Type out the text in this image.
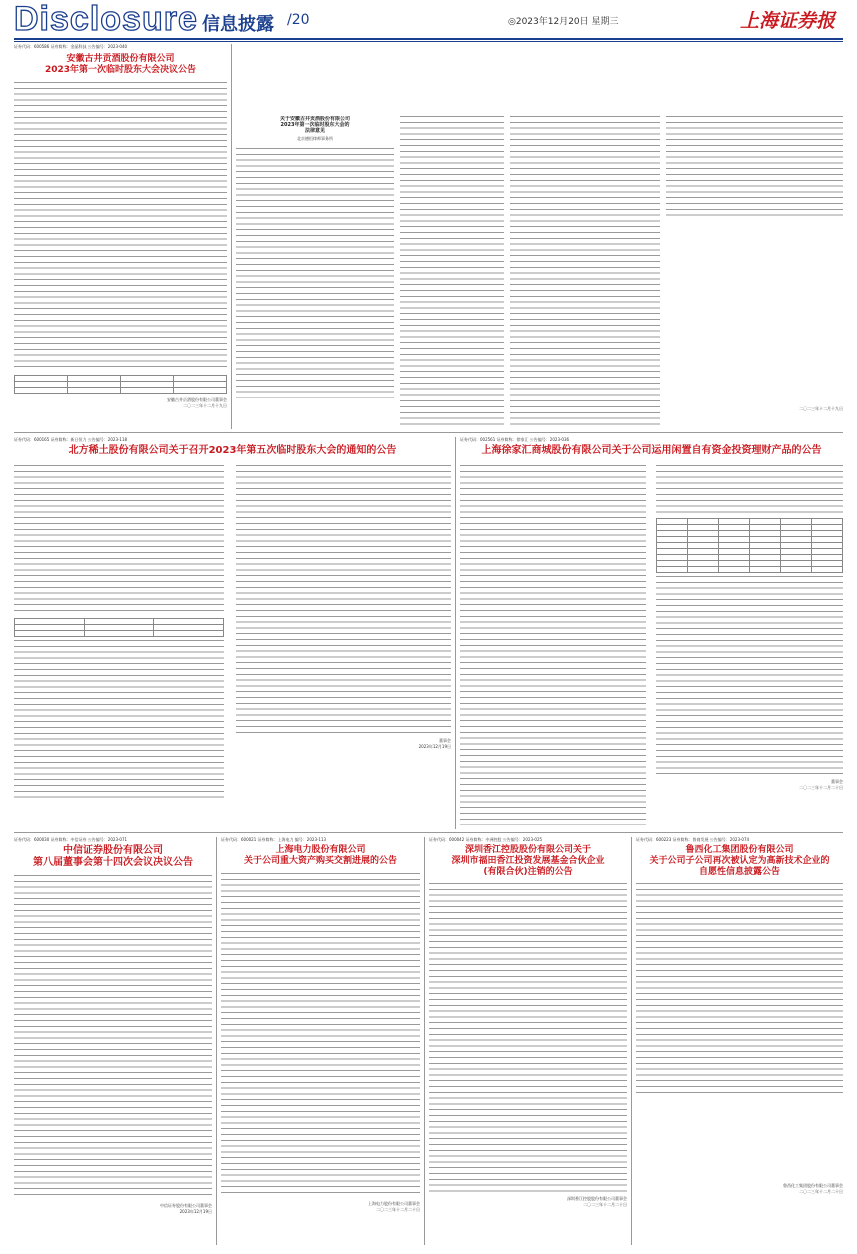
Disclosure 信息披露 /20	◎2023年12月20日 星期三	上海证券报
证券代码：600586 证券简称：金晶科技 公告编号：2023-040
安徽古井贡酒股份有限公司
2023年第一次临时股东大会决议公告

安徽古井贡酒股份有限公司董事会
二〇二三年十二月十九日
关于安徽古井贡酒股份有限公司
2023年第一次临时股东大会的
法律意见
北京德恒律师事务所
二〇二三年十二月十九日
证券代码：600165 证券简称：新日恒力 公告编号：2023-118
北方稀土股份有限公司关于召开2023年第五次临时股东大会的通知的公告

董事会
2023年12月19日
证券代码：002561 证券简称：徐家汇 公告编号：2023-036
上海徐家汇商城股份有限公司关于公司运用闲置自有资金投资理财产品的公告

董事会
二〇二三年十二月二十日
证券代码：600030 证券简称：中信证券 公告编号：2023-071
中信证券股份有限公司
第八届董事会第十四次会议决议公告
中信证券股份有限公司董事会
2023年12月19日
证券代码：600021 证券简称：上海电力 编号：2023-113
上海电力股份有限公司
关于公司重大资产购买交割进展的公告
上海电力股份有限公司董事会
二〇二三年十二月二十日
证券代码：000042 证券简称：中洲控股 公告编号：2023-025
深圳香江控股股份有限公司关于
深圳市福田香江投资发展基金合伙企业
(有限合伙)注销的公告
深圳香江控股股份有限公司董事会
二〇二三年十二月二十日
证券代码：600223 证券简称：鲁商发展 公告编号：2023-074
鲁西化工集团股份有限公司
关于公司子公司再次被认定为高新技术企业的
自愿性信息披露公告
鲁西化工集团股份有限公司董事会
二〇二三年十二月二十日
